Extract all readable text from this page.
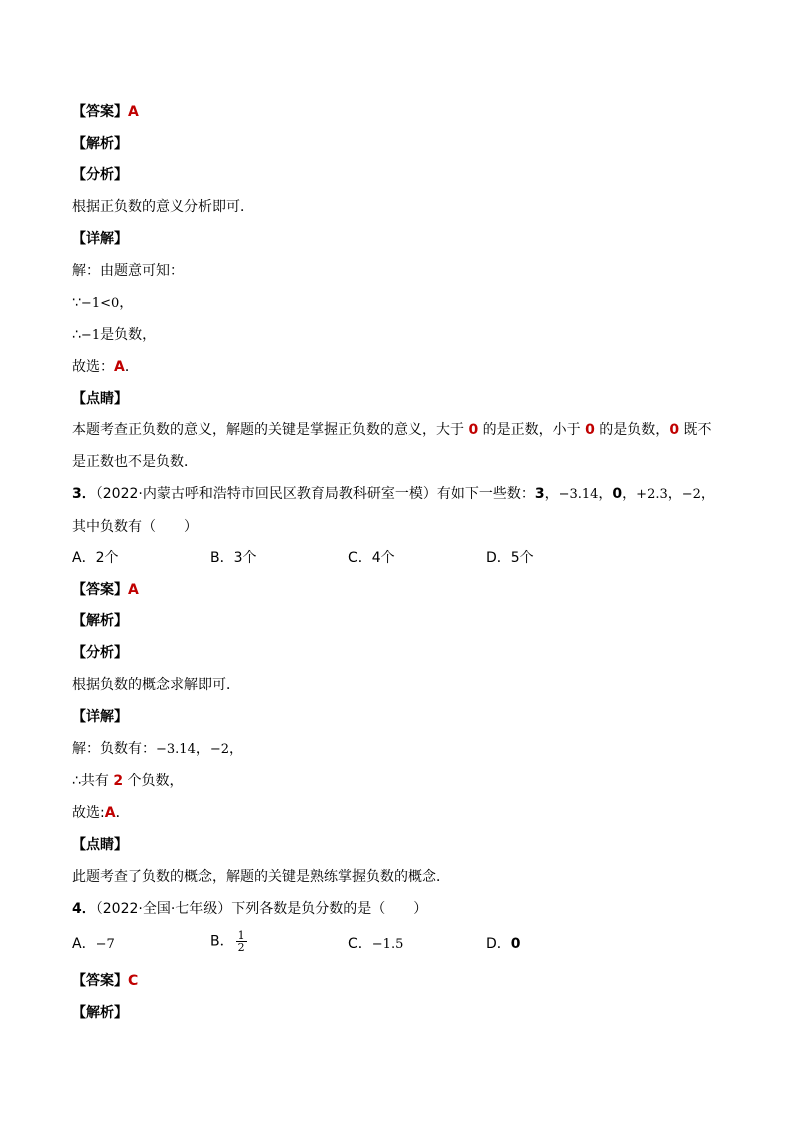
【答案】A
【解析】
【分析】
根据正负数的意义分析即可．
【详解】
解：由题意可知：
∵−1<0，
∴−1是负数，
故选：A．
【点睛】
本题考查正负数的意义，解题的关键是掌握正负数的意义，大于 0 的是正数，小于 0 的是负数，0 既不是正数也不是负数．
3．（2022·内蒙古呼和浩特市回民区教育局教科研室一模）有如下一些数：3，−3.14，0，+2.3，−2，其中负数有（　　）
A．2个	B．3个	C．4个	D．5个
【答案】A
【解析】
【分析】
根据负数的概念求解即可．
【详解】
解：负数有：−3.14，−2，
∴共有 2 个负数，
故选:A．
【点睛】
此题考查了负数的概念，解题的关键是熟练掌握负数的概念．
4．（2022·全国·七年级）下列各数是负分数的是（　　）
A．−7	B． $\frac{1}{2}$	C．−1.5	D．0
【答案】C
【解析】
